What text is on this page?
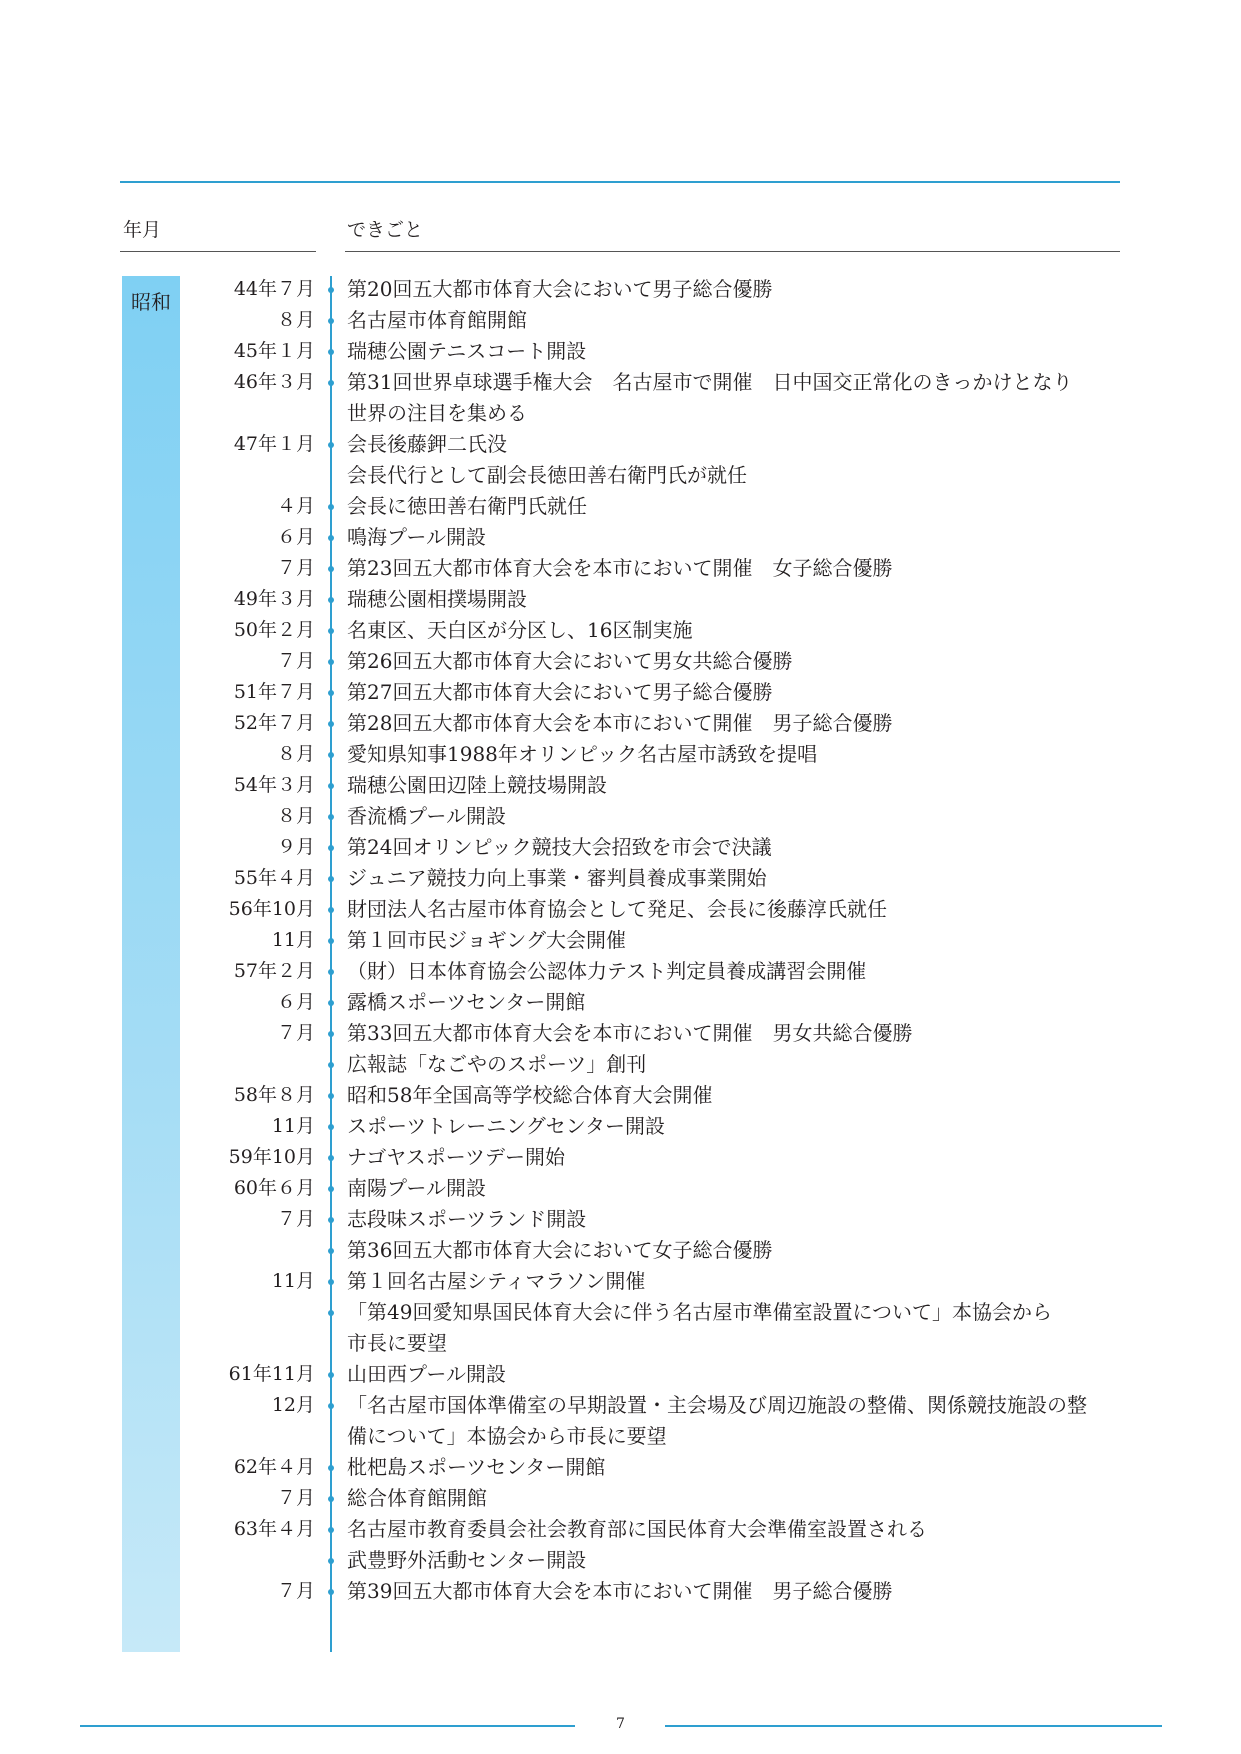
年月	できごと
昭和
44年７月 第20回五大都市体育大会において男子総合優勝
８月 名古屋市体育館開館
45年１月 瑞穂公園テニスコート開設
46年３月 第31回世界卓球選手権大会　名古屋市で開催　日中国交正常化のきっかけとなり
世界の注目を集める
47年１月 会長後藤鉀二氏没
会長代行として副会長徳田善右衛門氏が就任
４月 会長に徳田善右衛門氏就任
６月 鳴海プール開設
７月 第23回五大都市体育大会を本市において開催　女子総合優勝
49年３月 瑞穂公園相撲場開設
50年２月 名東区、天白区が分区し、16区制実施
７月 第26回五大都市体育大会において男女共総合優勝
51年７月 第27回五大都市体育大会において男子総合優勝
52年７月 第28回五大都市体育大会を本市において開催　男子総合優勝
８月 愛知県知事1988年オリンピック名古屋市誘致を提唱
54年３月 瑞穂公園田辺陸上競技場開設
８月 香流橋プール開設
９月 第24回オリンピック競技大会招致を市会で決議
55年４月 ジュニア競技力向上事業・審判員養成事業開始
56年10月 財団法人名古屋市体育協会として発足、会長に後藤淳氏就任
11月 第１回市民ジョギング大会開催
57年２月 （財）日本体育協会公認体力テスト判定員養成講習会開催
６月 露橋スポーツセンター開館
７月 第33回五大都市体育大会を本市において開催　男女共総合優勝
広報誌「なごやのスポーツ」創刊
58年８月 昭和58年全国高等学校総合体育大会開催
11月 スポーツトレーニングセンター開設
59年10月 ナゴヤスポーツデー開始
60年６月 南陽プール開設
７月 志段味スポーツランド開設
第36回五大都市体育大会において女子総合優勝
11月 第１回名古屋シティマラソン開催
「第49回愛知県国民体育大会に伴う名古屋市準備室設置について」本協会から
市長に要望
61年11月 山田西プール開設
12月 「名古屋市国体準備室の早期設置・主会場及び周辺施設の整備、関係競技施設の整
備について」本協会から市長に要望
62年４月 枇杷島スポーツセンター開館
７月 総合体育館開館
63年４月 名古屋市教育委員会社会教育部に国民体育大会準備室設置される
武豊野外活動センター開設
７月 第39回五大都市体育大会を本市において開催　男子総合優勝
7
